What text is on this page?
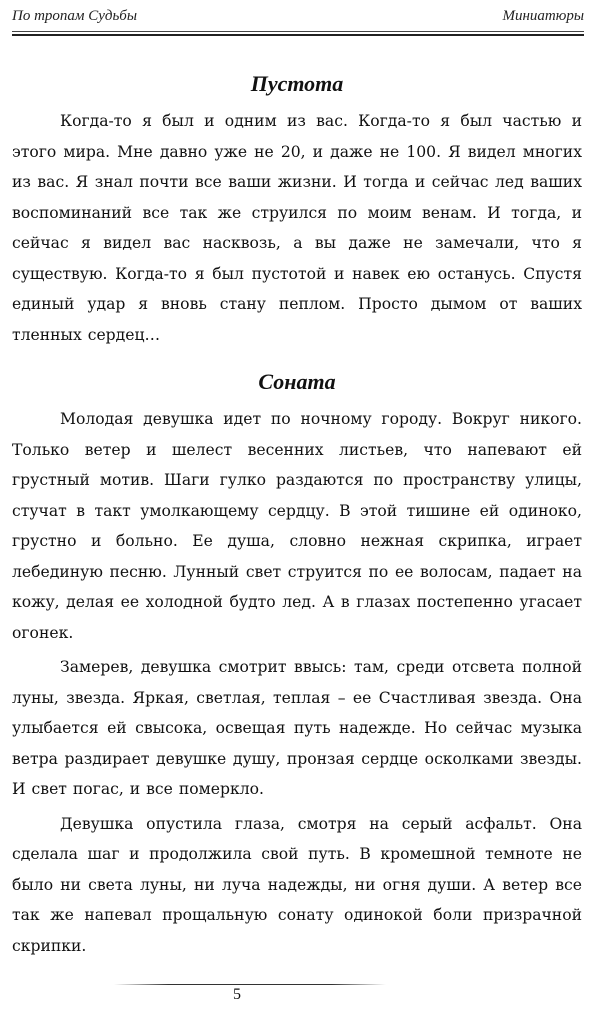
По тропам Судьбы	Миниатюры
Пустота

Когда-то я был и одним из вас. Когда-то я был частью и этого мира. Мне давно уже не 20, и даже не 100. Я видел многих из вас. Я знал почти все ваши жизни. И тогда и сейчас лед ваших воспоминаний все так же струился по моим венам. И тогда, и сейчас я видел вас насквозь, а вы даже не замечали, что я существую. Когда-то я был пустотой и навек ею останусь. Спустя единый удар я вновь стану пеплом. Просто дымом от ваших тленных сердец…

Соната

Молодая девушка идет по ночному городу. Вокруг никого. Только ветер и шелест весенних листьев, что напевают ей грустный мотив. Шаги гулко раздаются по пространству улицы, стучат в такт умолкающему сердцу. В этой тишине ей одиноко, грустно и больно. Ее душа, словно нежная скрипка, играет лебединую песню. Лунный свет струится по ее волосам, падает на кожу, делая ее холодной будто лед. А в глазах постепенно угасает огонек.

Замерев, девушка смотрит ввысь: там, среди отсвета полной луны, звезда. Яркая, светлая, теплая – ее Счастливая звезда. Она улыбается ей свысока, освещая путь надежде. Но сейчас музыка ветра раздирает девушке душу, пронзая сердце осколками звезды. И свет погас, и все померкло.

Девушка опустила глаза, смотря на серый асфальт. Она сделала шаг и продолжила свой путь. В кромешной темноте не было ни света луны, ни луча надежды, ни огня души. А ветер все так же напевал прощальную сонату одинокой боли призрачной скрипки.

5
